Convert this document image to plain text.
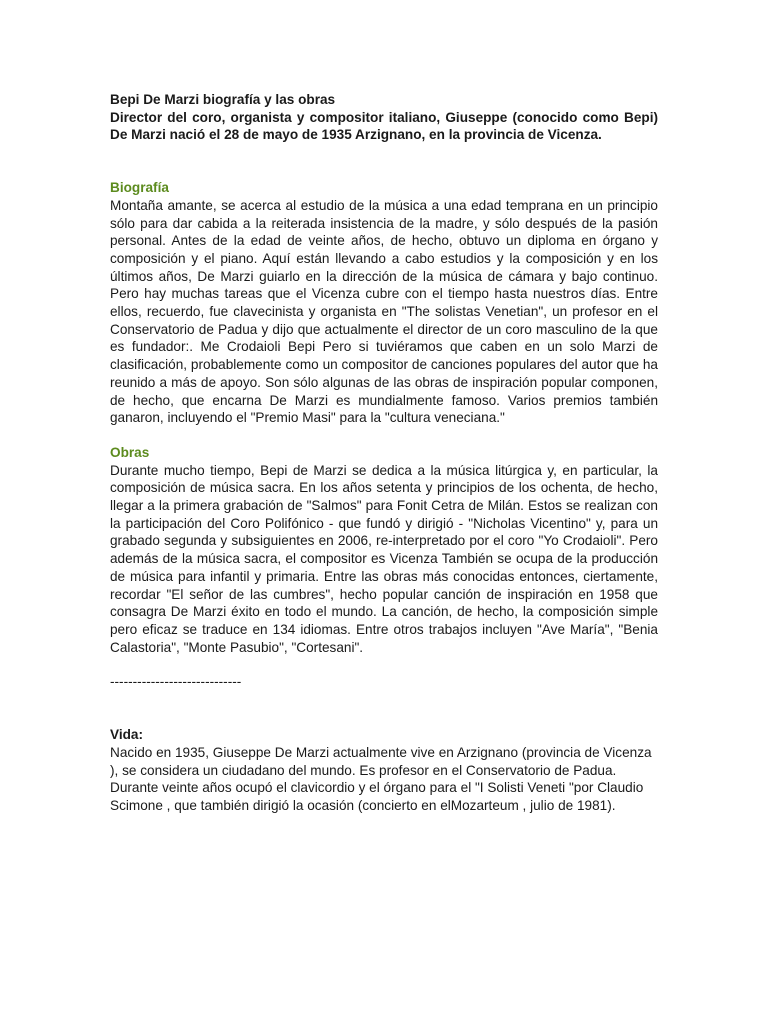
Bepi De Marzi biografía y las obras

Director del coro, organista y compositor italiano, Giuseppe (conocido como Bepi) De Marzi nació el 28 de mayo de 1935 Arzignano, en la provincia de Vicenza.

Biografía

Montaña amante, se acerca al estudio de la música a una edad temprana en un principio sólo para dar cabida a la reiterada insistencia de la madre, y sólo después de la pasión personal. Antes de la edad de veinte años, de hecho, obtuvo un diploma en órgano y composición y el piano. Aquí están llevando a cabo estudios y la composición y en los últimos años, De Marzi guiarlo en la dirección de la música de cámara y bajo continuo. Pero hay muchas tareas que el Vicenza cubre con el tiempo hasta nuestros días. Entre ellos, recuerdo, fue clavecinista y organista en "The solistas Venetian", un profesor en el Conservatorio de Padua y dijo que actualmente el director de un coro masculino de la que es fundador:. Me Crodaioli Bepi Pero si tuviéramos que caben en un solo Marzi de clasificación, probablemente como un compositor de canciones populares del autor que ha reunido a más de apoyo. Son sólo algunas de las obras de inspiración popular componen, de hecho, que encarna De Marzi es mundialmente famoso. Varios premios también ganaron, incluyendo el "Premio Masi" para la "cultura veneciana."

Obras

Durante mucho tiempo, Bepi de Marzi se dedica a la música litúrgica y, en particular, la composición de música sacra. En los años setenta y principios de los ochenta, de hecho, llegar a la primera grabación de "Salmos" para Fonit Cetra de Milán. Estos se realizan con la participación del Coro Polifónico - que fundó y dirigió - "Nicholas Vicentino" y, para un grabado segunda y subsiguientes en 2006, re-interpretado por el coro "Yo Crodaioli". Pero además de la música sacra, el compositor es Vicenza También se ocupa de la producción de música para infantil y primaria. Entre las obras más conocidas entonces, ciertamente, recordar "El señor de las cumbres", hecho popular canción de inspiración en 1958 que consagra De Marzi éxito en todo el mundo. La canción, de hecho, la composición simple pero eficaz se traduce en 134 idiomas. Entre otros trabajos incluyen "Ave María", "Benia Calastoria", "Monte Pasubio", "Cortesani".

-----------------------------

Vida:

Nacido en 1935, Giuseppe De Marzi actualmente vive en Arzignano (provincia de Vicenza ), se considera un ciudadano del mundo. Es profesor en el Conservatorio de Padua. Durante veinte años ocupó el clavicordio y el órgano para el "I Solisti Veneti "por Claudio Scimone , que también dirigió la ocasión (concierto en elMozarteum , julio de 1981).
